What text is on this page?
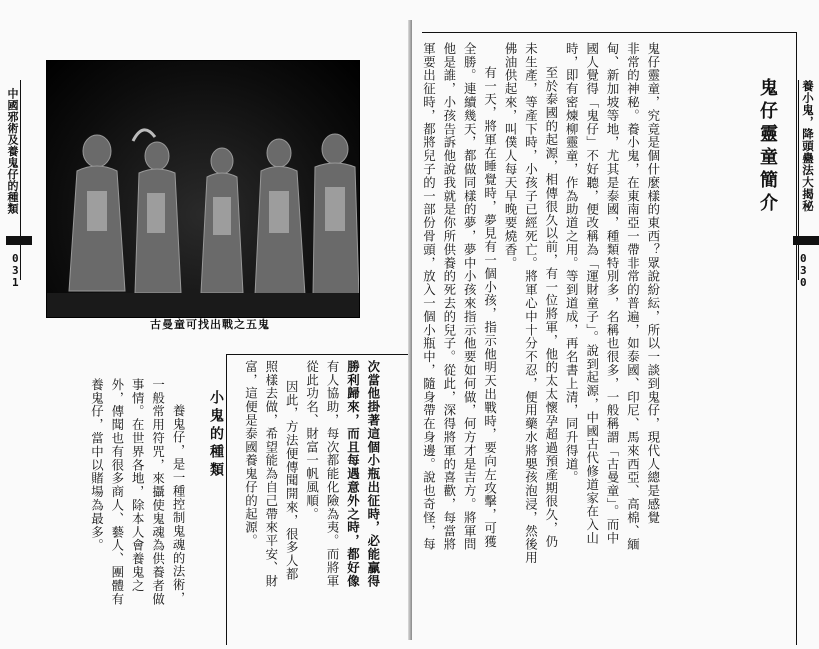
中國邪術及養鬼仔的種類
0
3
1
古曼童可找出戰之五鬼
小鬼的種類
養鬼仔，是一種控制鬼魂的法術，
一般常用符咒，來攝使鬼魂為供養者做
事情。在世界各地，除本人會養鬼之
外，傳聞也有很多商人、藝人、團體有
養鬼仔，當中以賭場為最多。	次當他掛著這個小瓶出征時，必能贏得
勝利歸來，而且每遇意外之時，都好像
有人協助，每次都能化險為夷。而將軍
從此功名、財富一帆風順。
因此，方法便傳聞開來，很多人都
照樣去做，希望能為自己帶來平安、財
富，這便是泰國養鬼仔的起源。
養小鬼，降頭蠱法大揭秘
0
3
0
鬼仔靈童簡介
鬼仔靈童，究竟是個什麼樣的東西？眾說紛紜，所以一談到鬼仔，現代人總是感覺
非常的神秘。養小鬼，在東南亞一帶非常的普遍，如泰國、印尼、馬來西亞、高棉、緬
甸、新加坡等地，尤其是泰國，種類特別多，名稱也很多，一般稱謂「古曼童」。而中
國人覺得「鬼仔」不好聽，便改稱為「運財童子」。說到起源，中國古代修道家在入山
時，即有密煉柳靈童，作為助道之用。等到道成，再名書上清，同升得道。
至於泰國的起源，相傳很久以前，有一位將軍，他的太太懷孕超過預產期很久，仍
未生產，等產下時，小孩子已經死亡。將軍心中十分不忍，便用藥水將嬰孩泡浸，然後用
佛油供起來，叫僕人每天早晚要燒香。
有一天，將軍在睡覺時，夢見有一個小孩，指示他明天出戰時，要向左攻擊，可獲
全勝。連續幾天，都做同樣的夢，夢中小孩來指示他要如何做，何方才是吉方。將軍問
他是誰，小孩告訴他說我就是你所供養的死去的兒子。從此，深得將軍的喜歡，每當將
軍要出征時，都將兒子的一部份骨頭，放入一個小瓶中，隨身帶在身邊。說也奇怪，每
